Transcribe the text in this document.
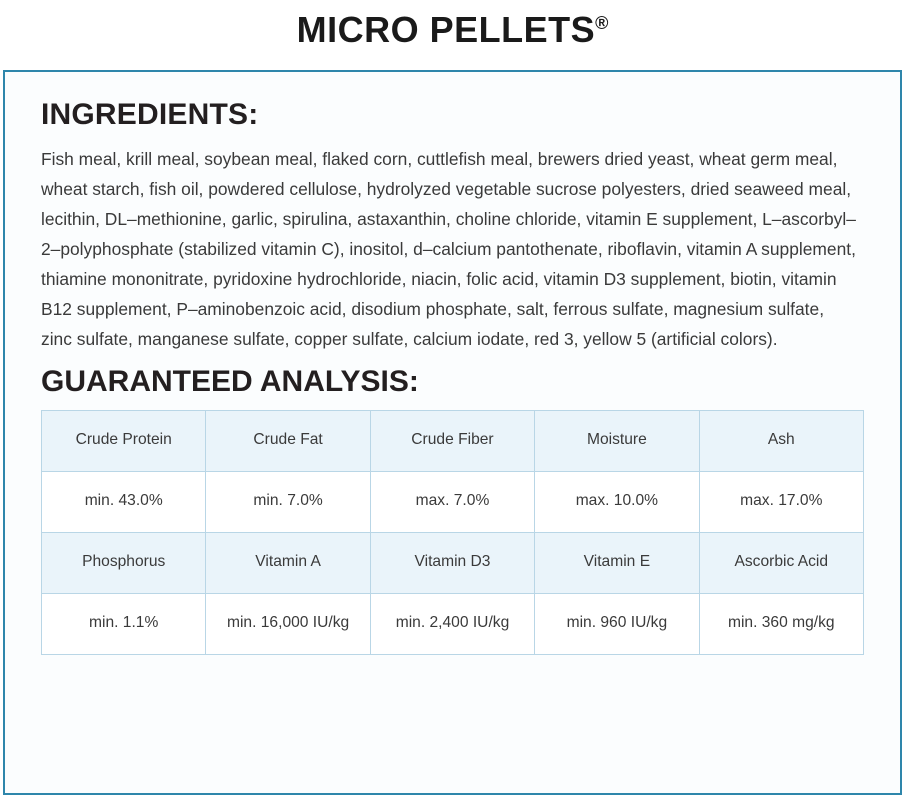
MICRO PELLETS®
INGREDIENTS:
Fish meal, krill meal, soybean meal, flaked corn, cuttlefish meal, brewers dried yeast, wheat germ meal, wheat starch, fish oil, powdered cellulose, hydrolyzed vegetable sucrose polyesters, dried seaweed meal, lecithin, DL–methionine, garlic, spirulina, astaxanthin, choline chloride, vitamin E supplement, L–ascorbyl–2–polyphosphate (stabilized vitamin C), inositol, d–calcium pantothenate, riboflavin, vitamin A supplement, thiamine mononitrate, pyridoxine hydrochloride, niacin, folic acid, vitamin D3 supplement, biotin, vitamin B12 supplement, P–aminobenzoic acid, disodium phosphate, salt, ferrous sulfate, magnesium sulfate, zinc sulfate, manganese sulfate, copper sulfate, calcium iodate, red 3, yellow 5 (artificial colors).
GUARANTEED ANALYSIS:
Crude Protein	Crude Fat	Crude Fiber	Moisture	Ash
min. 43.0%	min. 7.0%	max. 7.0%	max. 10.0%	max. 17.0%
Phosphorus	Vitamin A	Vitamin D3	Vitamin E	Ascorbic Acid
min. 1.1%	min. 16,000 IU/kg	min. 2,400 IU/kg	min. 960 IU/kg	min. 360 mg/kg
